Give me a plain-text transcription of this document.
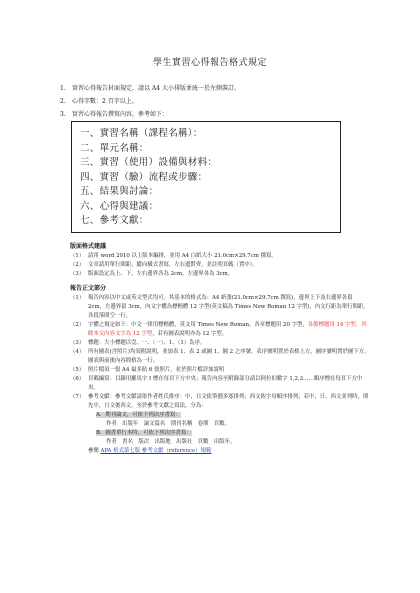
學生實習心得報告格式規定
1.	實習心得報告封面規定，請以 A4 大小排版並統一於左側裝訂。
2.	心得字數：2 百字以上。
3.	實習心得報告撰寫內容，參考如下：
一、實習名稱（課程名稱）：
二、單元名稱：
三、實習（使用）設備與材料：
四、實習（驗）流程或步驟：
五、結果與討論：
六、心得與建議：
七、參考文獻：
版面格式建議
（1） 請用 word 2010 以上版本編排，並用 A4 白紙大小 21.0cm×29.7cm 撰寫。
（2） 文章請用單行間距、縱向橫式書寫，左右邊對齊，並註明頁碼（置中）。
（3） 版面設定為上、下、左右邊界各為 2cm，左邊界各為 3cm。
報告正文部分
（1） 報告內容以中文或英文型式均可。其基本的格式為：A4 紙張(21.0cm×29.7cm 撰寫)，邊界上下及右邊界各留 2cm，左邊界留 3cm，內文字體為標楷體 12 字型(英文稿為 Times New Roman 12 字型)，內文行距為單行間距，各段落間空一行。
（2） 字體之規定如下：中文一律用標楷體，英文用 Times New Roman。各章標題用 20 字型，各節標題用 14 字型，其餘本文內容文字為 12 字型，若有圖表說明亦為 12 字型。
（3） 標題：大小標題以壹、一、（一）、1、（1）為序。
（4） 所有圖表(含照片)均須附說明，並加表 1、表 2 或圖 1、圖 2 之序號，表序號明置於表格上方，圖序號明置於圖下方，圖表與前後內容間格為一行。
（5） 照片檔須一張 A4 最多貼 6 張照片，並於照片檔詳加說明
（6） 頁碼編寫：目錄用羅馬字 I 標在每頁下方中央；報告內容至附錄部分請以阿拉伯數字 1,2,3……順序標在每頁下方中央。
（7） 參考文獻：參考文獻請依作者姓氏排序：中、日文依筆劃多寡排列；西文依字母順序排列；若中、日、西文並列時，則先中，日文後西文。至於參考文獻之寫法，分為：
A．期刊論文，可依下列次序書寫：
作者　出版年　論文篇名　期刊名稱　卷期　頁數。
B．圖書單行本時，可依下列次序書寫：
作者　書名　版次　出版地　出版社　頁數　出版年。
參閱 APA 格式第七版 參考文獻（reference）規範
